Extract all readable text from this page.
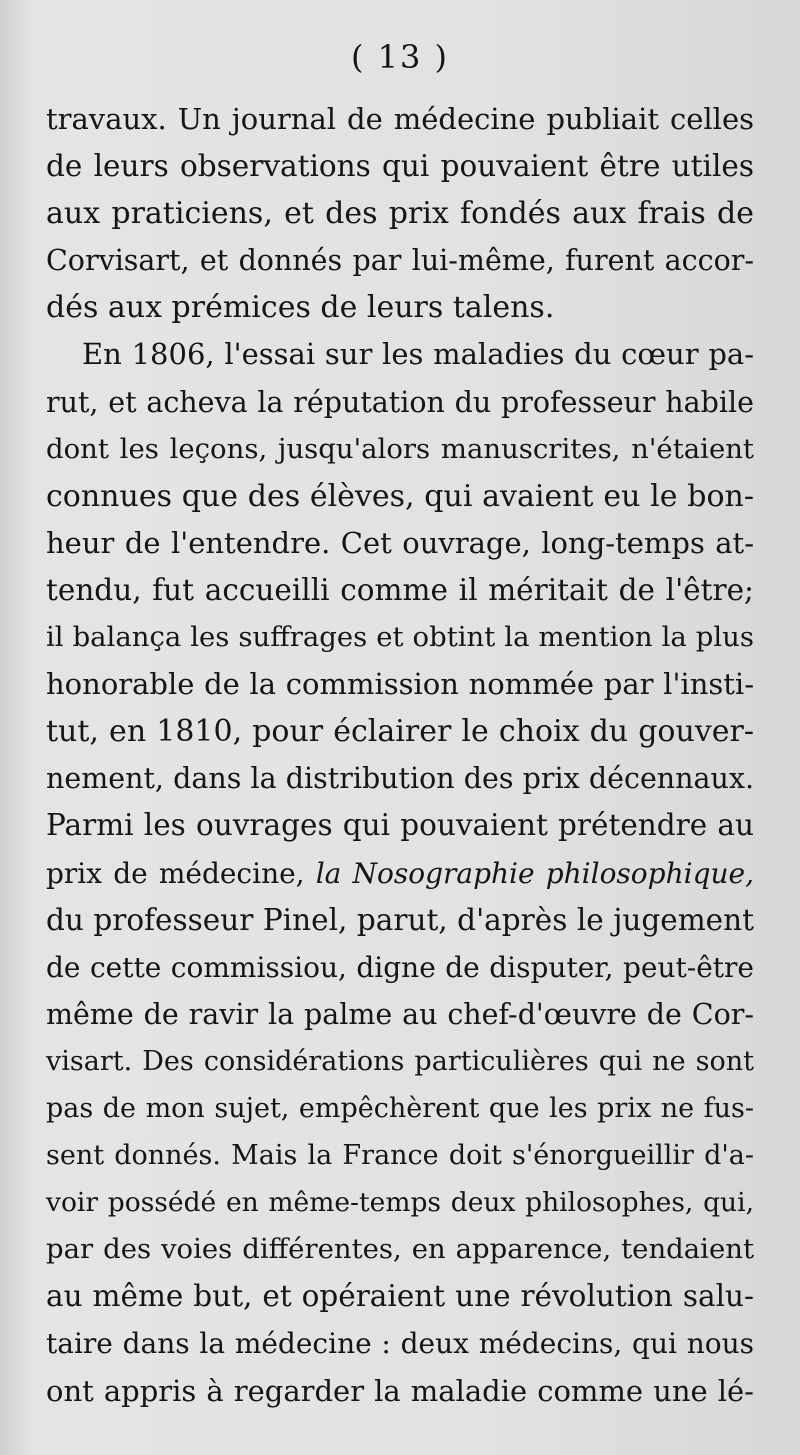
( 13 )
travaux. Un journal de médecine publiait celles
de leurs observations qui pouvaient être utiles
aux praticiens, et des prix fondés aux frais de
Corvisart, et donnés par lui-même, furent accor-
dés aux prémices de leurs talens.
En 1806, l'essai sur les maladies du cœur pa-
rut, et acheva la réputation du professeur habile
dont les leçons, jusqu'alors manuscrites, n'étaient
connues que des élèves, qui avaient eu le bon-
heur de l'entendre. Cet ouvrage, long-temps at-
tendu, fut accueilli comme il méritait de l'être;
il balança les suffrages et obtint la mention la plus
honorable de la commission nommée par l'insti-
tut, en 1810, pour éclairer le choix du gouver-
nement, dans la distribution des prix décennaux.
Parmi les ouvrages qui pouvaient prétendre au
prix de médecine, la Nosographie philosophique,
du professeur Pinel, parut, d'après le jugement
de cette commissiou, digne de disputer, peut-être
même de ravir la palme au chef-d'œuvre de Cor-
visart. Des considérations particulières qui ne sont
pas de mon sujet, empêchèrent que les prix ne fus-
sent donnés. Mais la France doit s'énorgueillir d'a-
voir possédé en même-temps deux philosophes, qui,
par des voies différentes, en apparence, tendaient
au même but, et opéraient une révolution salu-
taire dans la médecine : deux médecins, qui nous
ont appris à regarder la maladie comme une lé-
